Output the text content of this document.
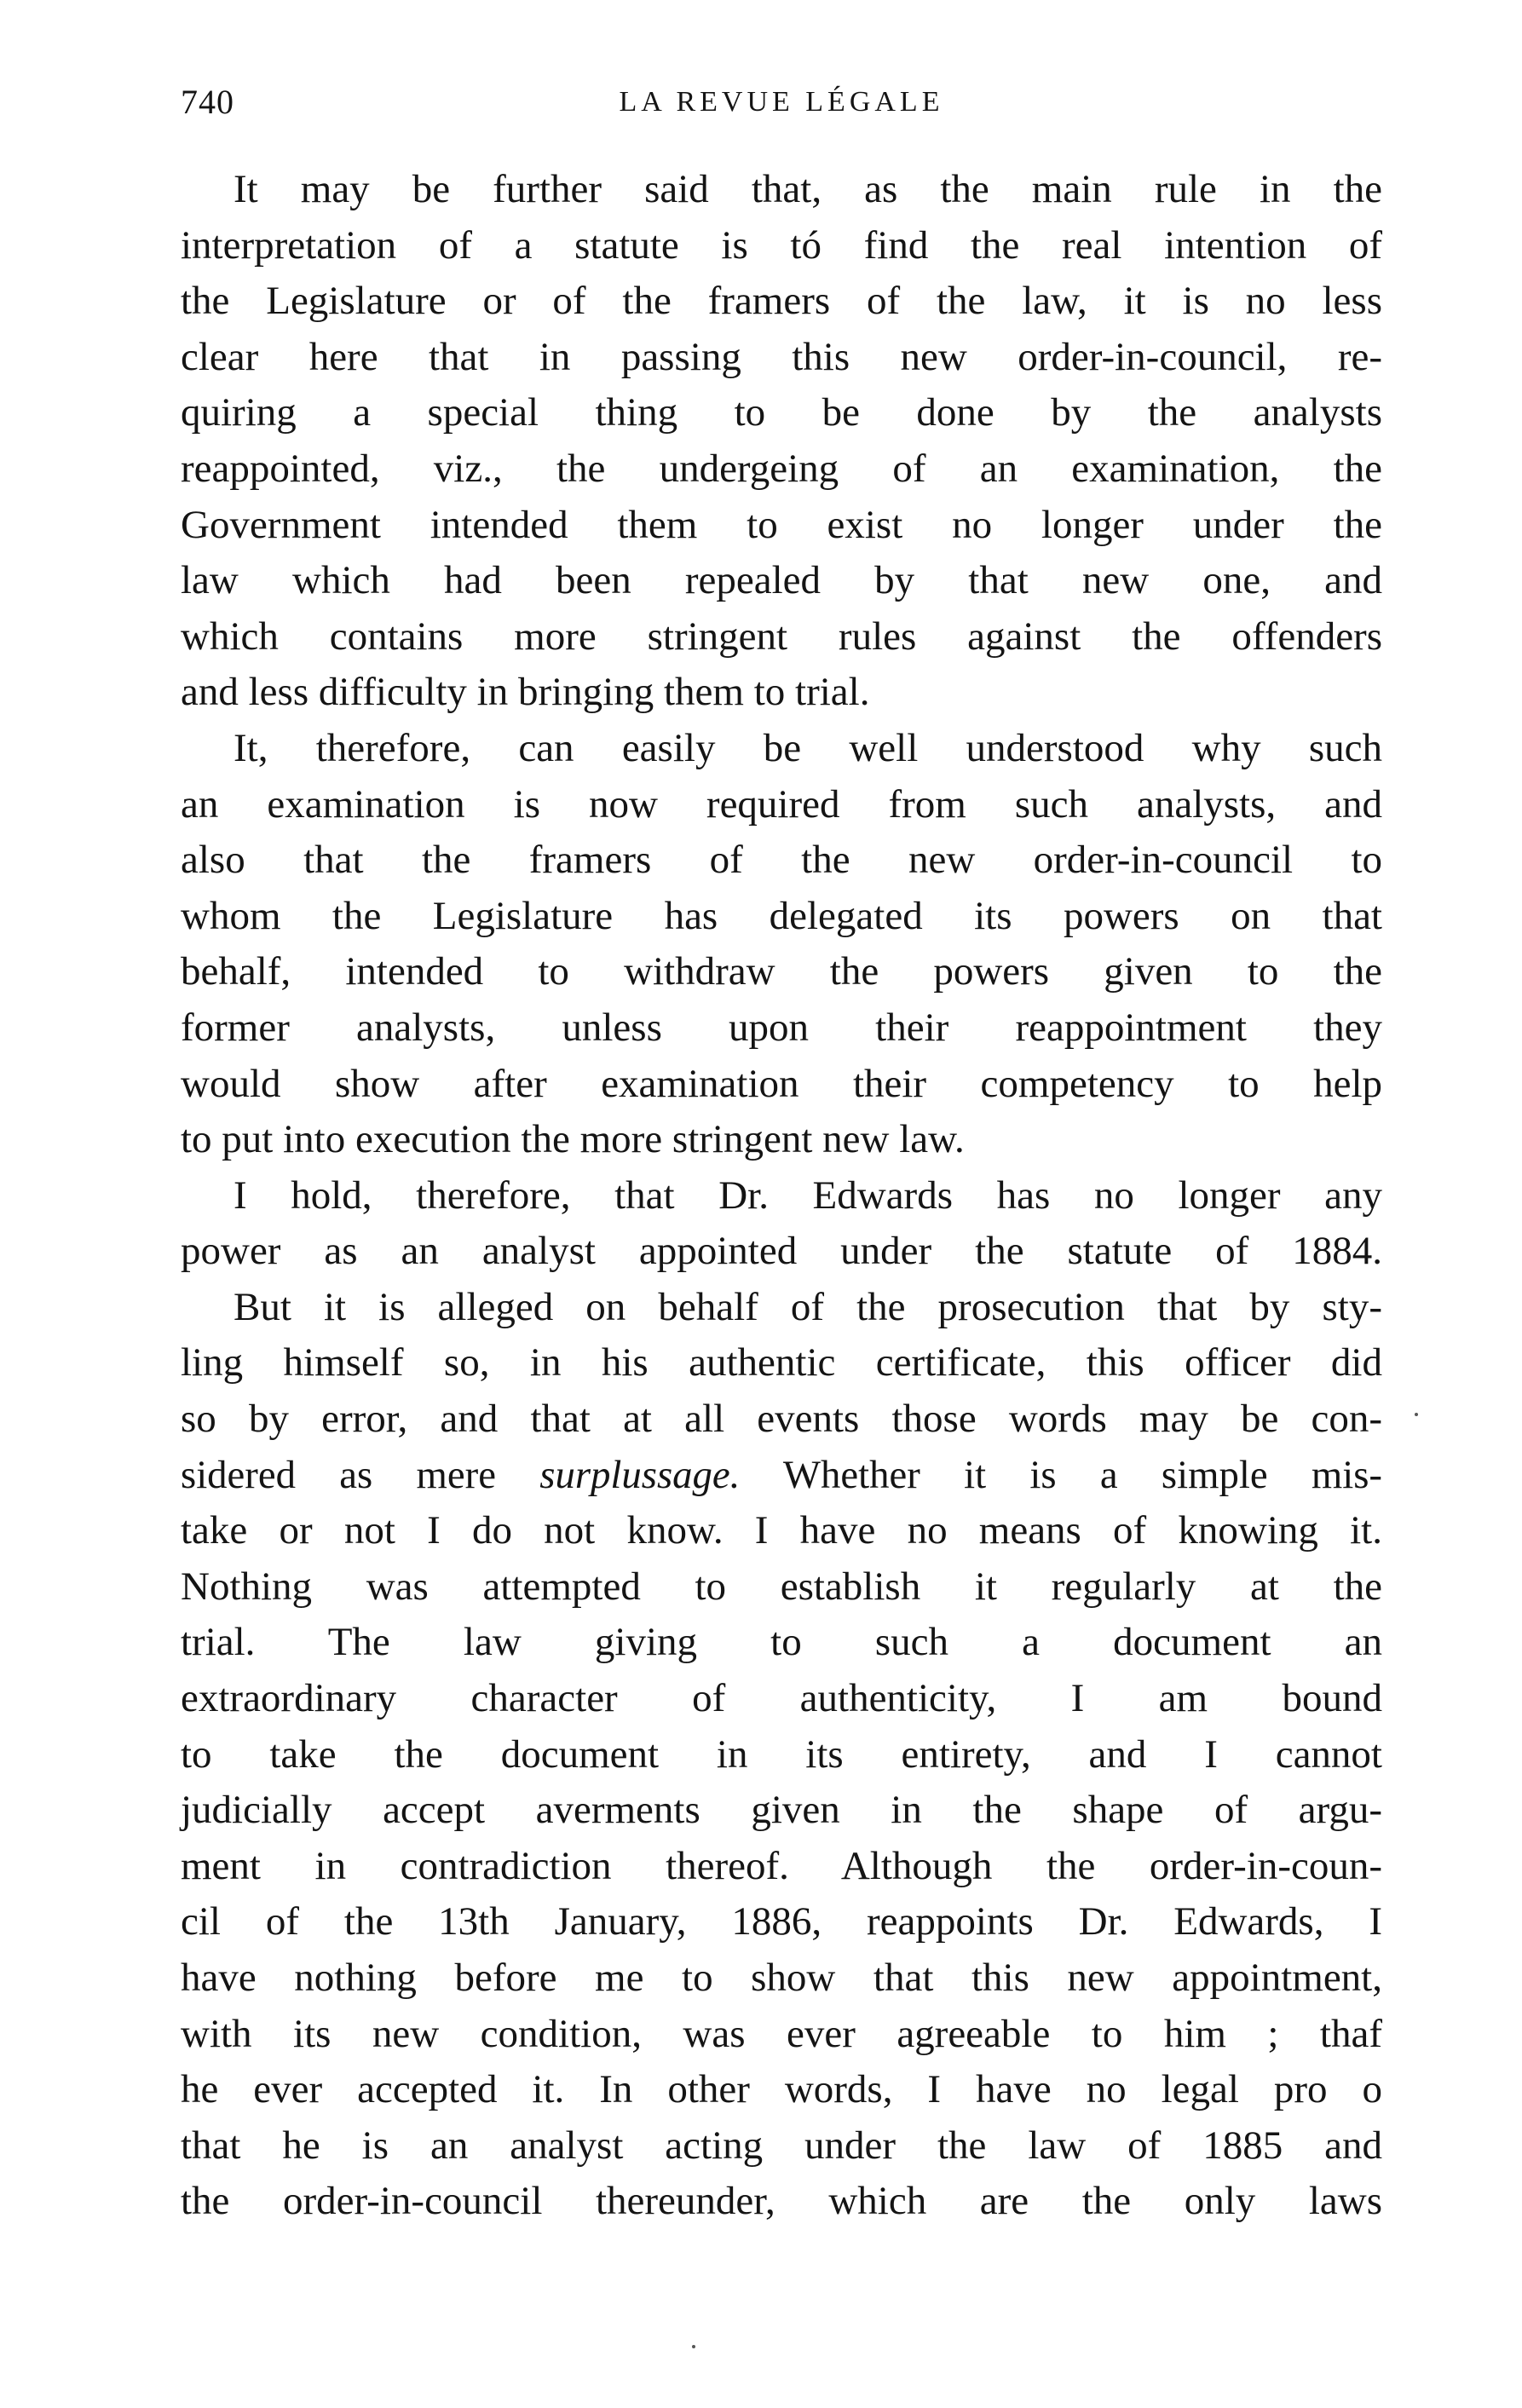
740	LA REVUE LÉGALE
It may be further said that, as the main rule in the
interpretation of a statute is tó find the real intention of
the Legislature or of the framers of the law, it is no less
clear here that in passing this new order-in-council, re-
quiring a special thing to be done by the analysts
reappointed, viz., the undergeing of an examination, the
Government intended them to exist no longer under the
law which had been repealed by that new one, and
which contains more stringent rules against the offenders
and less difficulty in bringing them to trial.
It, therefore, can easily be well understood why such
an examination is now required from such analysts, and
also that the framers of the new order-in-council to
whom the Legislature has delegated its powers on that
behalf, intended to withdraw the powers given to the
former analysts, unless upon their reappointment they
would show after examination their competency to help
to put into execution the more stringent new law.
I hold, therefore, that Dr. Edwards has no longer any
power as an analyst appointed under the statute of 1884.
But it is alleged on behalf of the prosecution that by sty-
ling himself so, in his authentic certificate, this officer did
so by error, and that at all events those words may be con-
sidered as mere surplussage. Whether it is a simple mis-
take or not I do not know. I have no means of knowing it.
Nothing was attempted to establish it regularly at the
trial. The law giving to such a document an
extraordinary character of authenticity, I am bound
to take the document in its entirety, and I cannot
judicially accept averments given in the shape of argu-
ment in contradiction thereof. Although the order-in-coun-
cil of the 13th January, 1886, reappoints Dr. Edwards, I
have nothing before me to show that this new appointment,
with its new condition, was ever agreeable to him ; thaf
he ever accepted it. In other words, I have no legal pro o
that he is an analyst acting under the law of 1885 and
the order-in-council thereunder, which are the only laws
